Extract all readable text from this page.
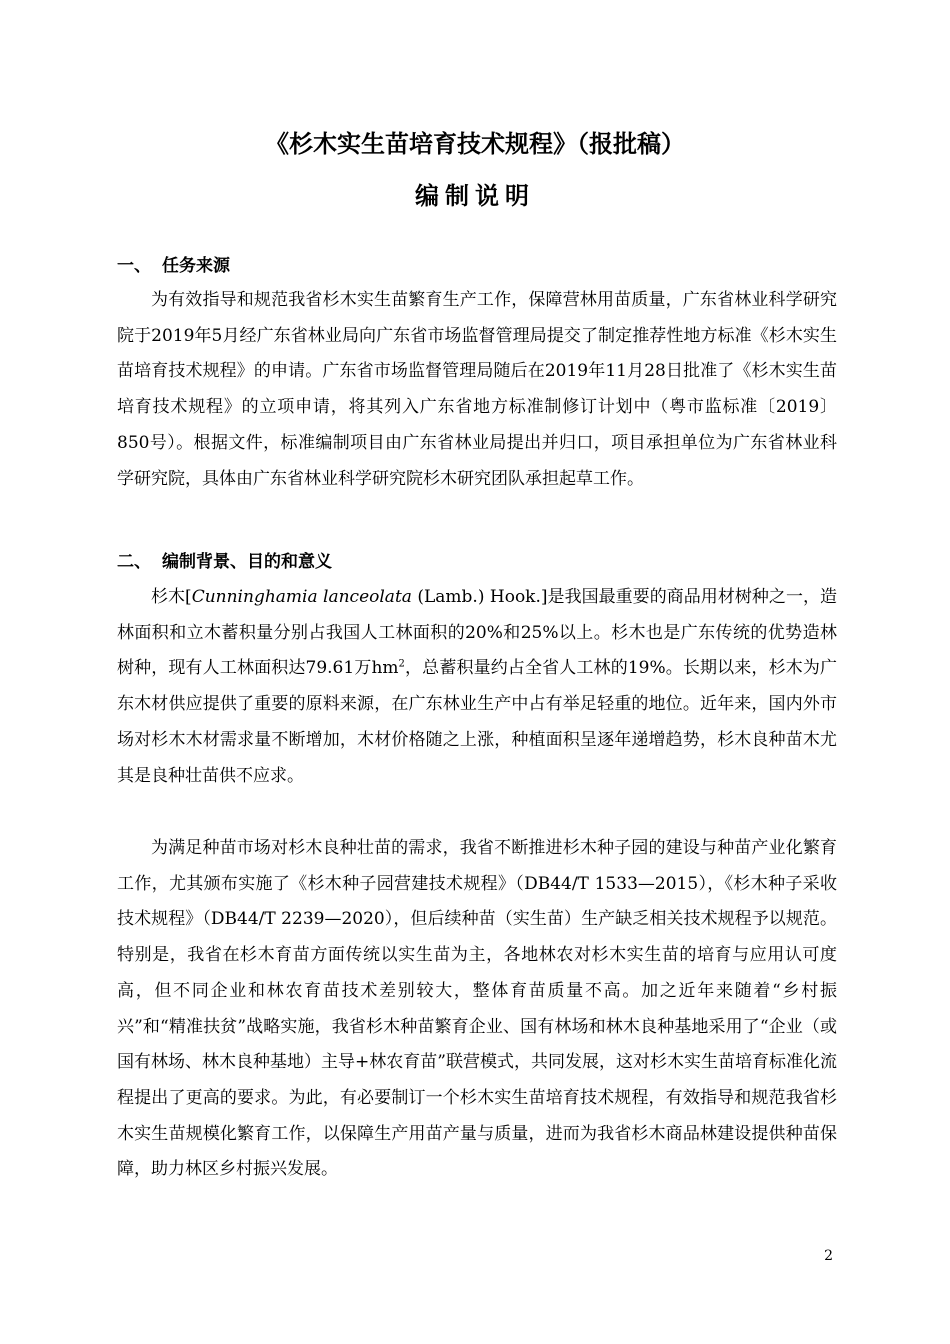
《杉木实生苗培育技术规程》（报批稿）
编制说明
一、 任务来源

为有效指导和规范我省杉木实生苗繁育生产工作，保障营林用苗质量，广东省林业科学研究院于2019年5月经广东省林业局向广东省市场监督管理局提交了制定推荐性地方标准《杉木实生苗培育技术规程》的申请。广东省市场监督管理局随后在2019年11月28日批准了《杉木实生苗培育技术规程》的立项申请，将其列入广东省地方标准制修订计划中（粤市监标准〔2019〕850号）。根据文件，标准编制项目由广东省林业局提出并归口，项目承担单位为广东省林业科学研究院，具体由广东省林业科学研究院杉木研究团队承担起草工作。

二、 编制背景、目的和意义

杉木[Cunninghamia lanceolata (Lamb.) Hook.]是我国最重要的商品用材树种之一，造林面积和立木蓄积量分别占我国人工林面积的20%和25%以上。杉木也是广东传统的优势造林树种，现有人工林面积达79.61万$hm^2$，总蓄积量约占全省人工林的19%。长期以来，杉木为广东木材供应提供了重要的原料来源，在广东林业生产中占有举足轻重的地位。近年来，国内外市场对杉木木材需求量不断增加，木材价格随之上涨，种植面积呈逐年递增趋势，杉木良种苗木尤其是良种壮苗供不应求。

为满足种苗市场对杉木良种壮苗的需求，我省不断推进杉木种子园的建设与种苗产业化繁育工作，尤其颁布实施了《杉木种子园营建技术规程》（DB44/T 1533—2015），《杉木种子采收技术规程》（DB44/T 2239—2020），但后续种苗（实生苗）生产缺乏相关技术规程予以规范。特别是，我省在杉木育苗方面传统以实生苗为主，各地林农对杉木实生苗的培育与应用认可度高，但不同企业和林农育苗技术差别较大，整体育苗质量不高。加之近年来随着“乡村振兴”和“精准扶贫”战略实施，我省杉木种苗繁育企业、国有林场和林木良种基地采用了“企业（或国有林场、林木良种基地）主导+林农育苗”联营模式，共同发展，这对杉木实生苗培育标准化流程提出了更高的要求。为此，有必要制订一个杉木实生苗培育技术规程，有效指导和规范我省杉木实生苗规模化繁育工作，以保障生产用苗产量与质量，进而为我省杉木商品林建设提供种苗保障，助力林区乡村振兴发展。

2
